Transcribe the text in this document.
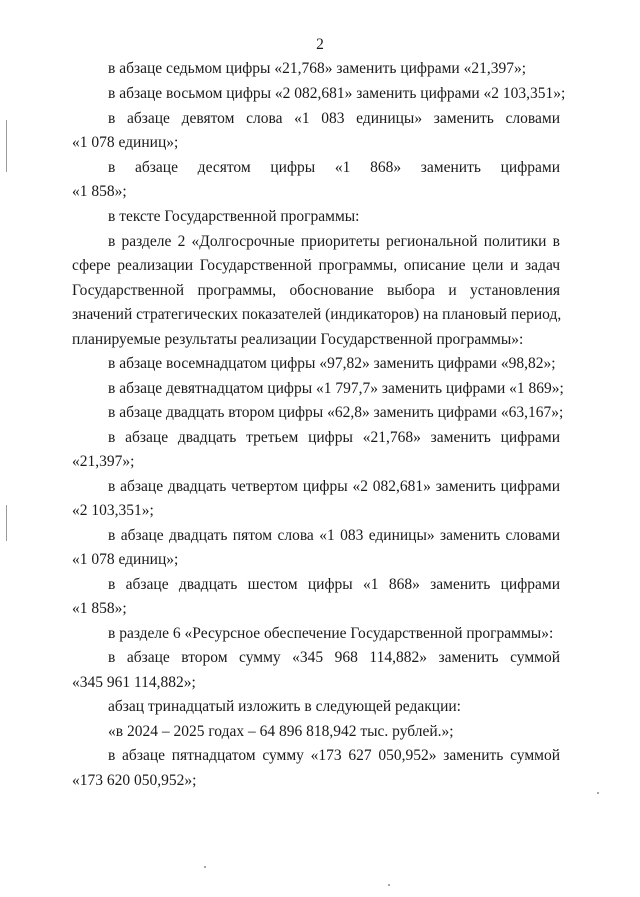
2
в абзаце седьмом цифры «21,768» заменить цифрами «21,397»;
в абзаце восьмом цифры «2 082,681» заменить цифрами «2 103,351»;
в абзаце девятом слова «1 083 единицы» заменить словами
«1 078 единиц»;
в абзаце десятом цифры «1 868» заменить цифрами
«1 858»;
в тексте Государственной программы:
в разделе 2 «Долгосрочные приоритеты региональной политики в
сфере реализации Государственной программы, описание цели и задач
Государственной программы, обоснование выбора и установления
значений стратегических показателей (индикаторов) на плановый период,
планируемые результаты реализации Государственной программы»:
в абзаце восемнадцатом цифры «97,82» заменить цифрами «98,82»;
в абзаце девятнадцатом цифры «1 797,7» заменить цифрами «1 869»;
в абзаце двадцать втором цифры «62,8» заменить цифрами «63,167»;
в абзаце двадцать третьем цифры «21,768» заменить цифрами
«21,397»;
в абзаце двадцать четвертом цифры «2 082,681» заменить цифрами
«2 103,351»;
в абзаце двадцать пятом слова «1 083 единицы» заменить словами
«1 078 единиц»;
в абзаце двадцать шестом цифры «1 868» заменить цифрами
«1 858»;
в разделе 6 «Ресурсное обеспечение Государственной программы»:
в абзаце втором сумму «345 968 114,882» заменить суммой
«345 961 114,882»;
абзац тринадцатый изложить в следующей редакции:
«в 2024 – 2025 годах – 64 896 818,942 тыс. рублей.»;
в абзаце пятнадцатом сумму «173 627 050,952» заменить суммой
«173 620 050,952»;
